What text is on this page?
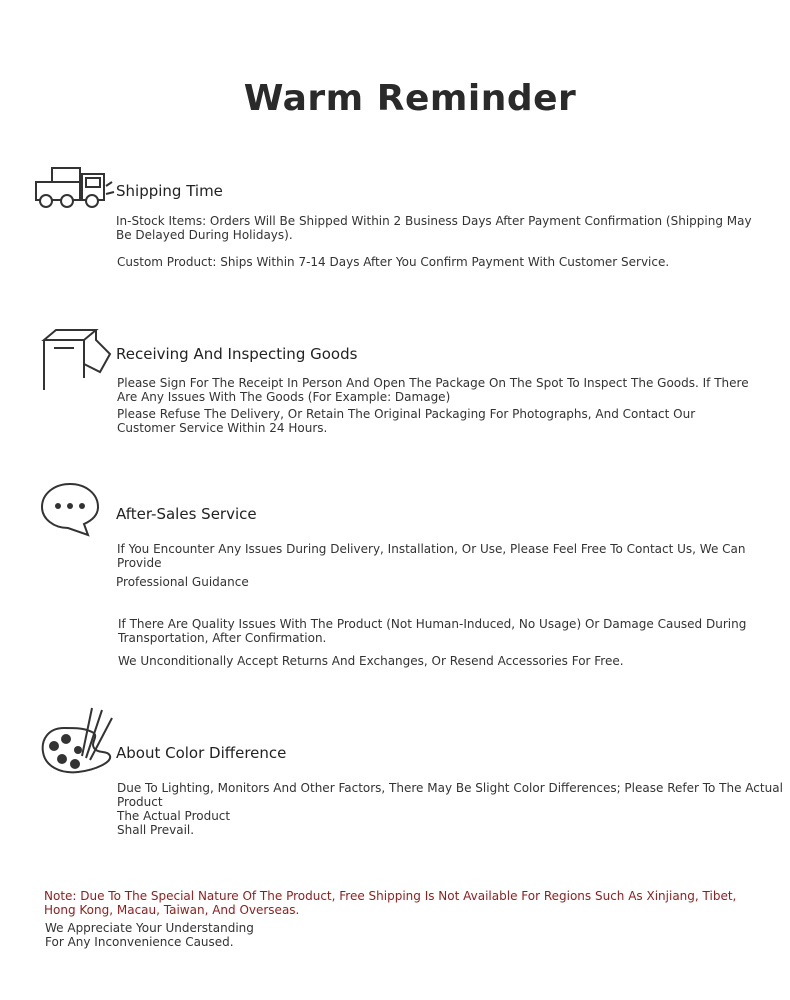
Warm Reminder
Shipping Time
In-Stock Items: Orders Will Be Shipped Within 2 Business Days After Payment Confirmation (Shipping May Be Delayed During Holidays).
Custom Product: Ships Within 7-14 Days After You Confirm Payment With Customer Service.
Receiving And Inspecting Goods
Please Sign For The Receipt In Person And Open The Package On The Spot To Inspect The Goods. If There Are Any Issues With The Goods (For Example: Damage)
Please Refuse The Delivery, Or Retain The Original Packaging For Photographs, And Contact Our Customer Service Within 24 Hours.
After-Sales Service
If You Encounter Any Issues During Delivery, Installation, Or Use, Please Feel Free To Contact Us, We Can Provide
Professional Guidance
If There Are Quality Issues With The Product (Not Human-Induced, No Usage) Or Damage Caused During Transportation, After Confirmation.
We Unconditionally Accept Returns And Exchanges, Or Resend Accessories For Free.
About Color Difference
Due To Lighting, Monitors And Other Factors, There May Be Slight Color Differences; Please Refer To The Actual Product
The Actual Product Shall Prevail.
Note: Due To The Special Nature Of The Product, Free Shipping Is Not Available For Regions Such As Xinjiang, Tibet, Hong Kong, Macau, Taiwan, And Overseas.
We Appreciate Your Understanding For Any Inconvenience Caused.
